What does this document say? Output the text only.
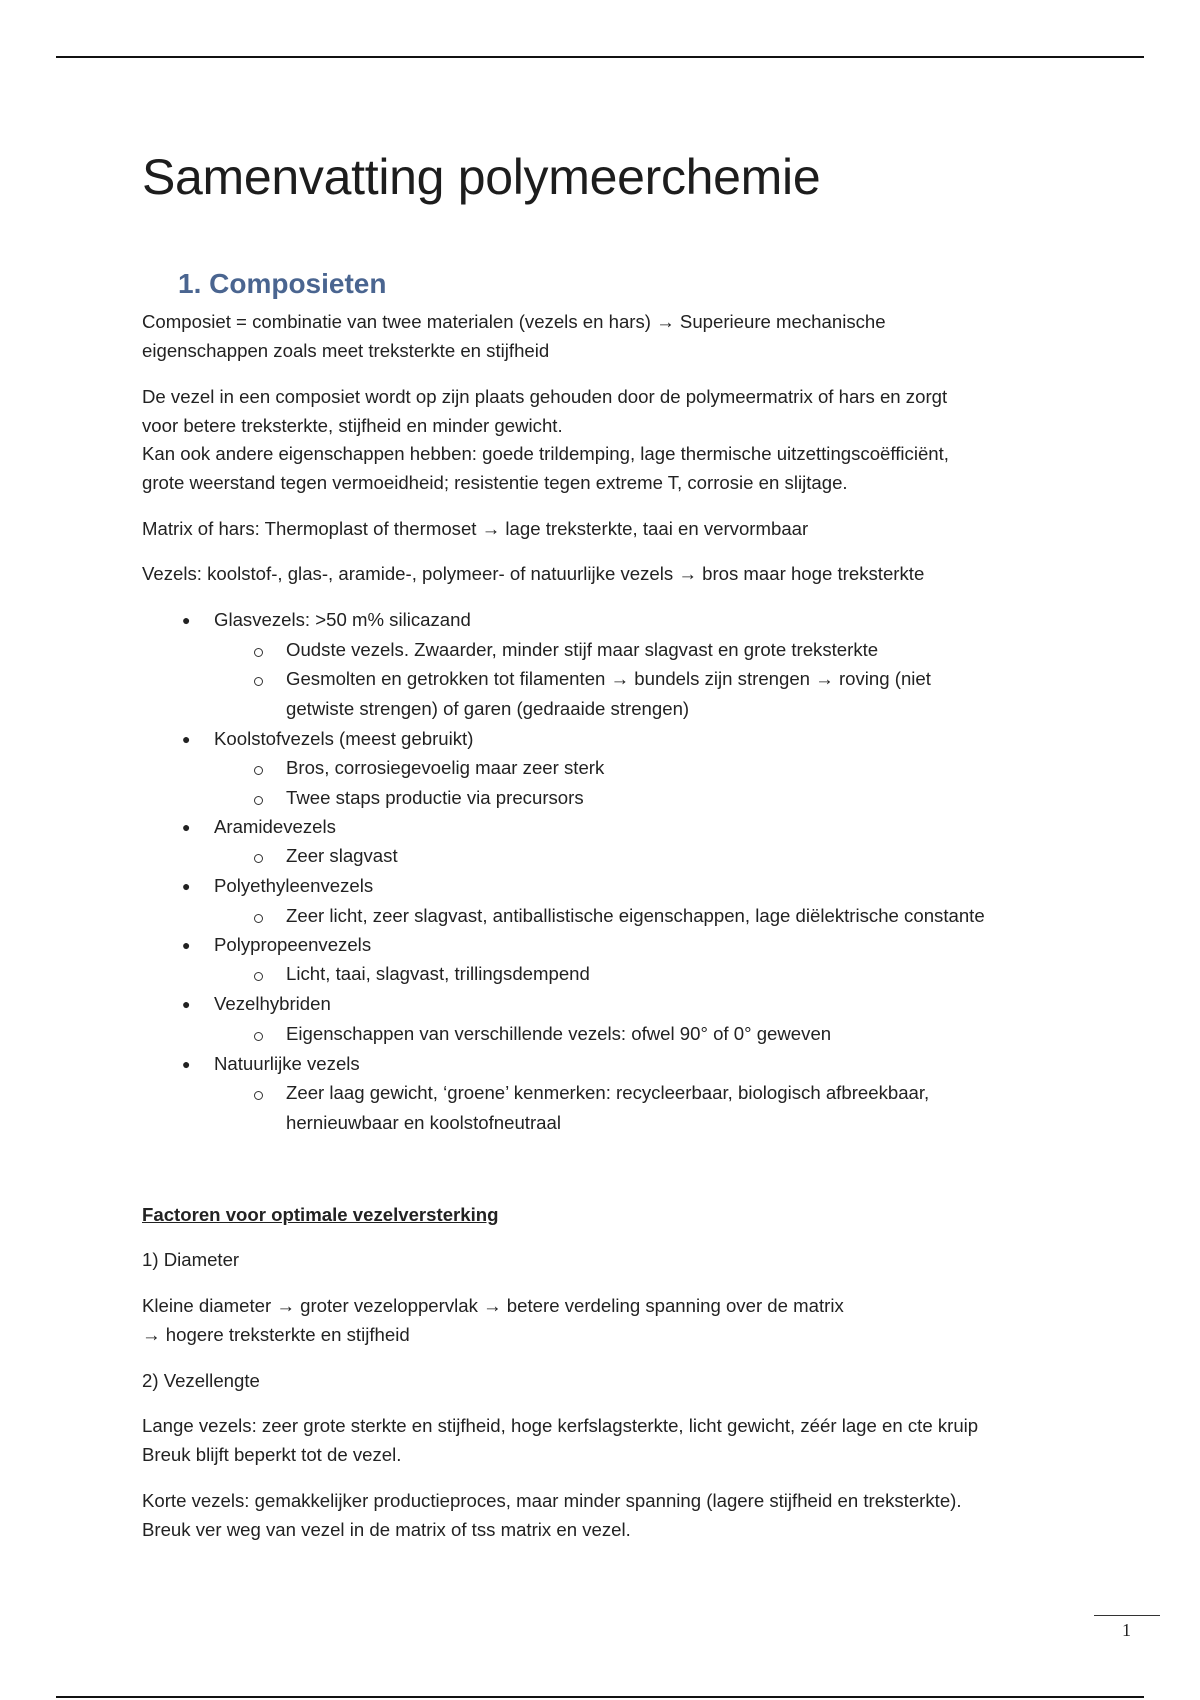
Samenvatting polymeerchemie
1. Composieten

Composiet = combinatie van twee materialen (vezels en hars) → Superieure mechanische

eigenschappen zoals meet treksterkte en stijfheid

De vezel in een composiet wordt op zijn plaats gehouden door de polymeermatrix of hars en zorgt

voor betere treksterkte, stijfheid en minder gewicht.

Kan ook andere eigenschappen hebben: goede trildemping, lage thermische uitzettingscoëfficiënt,

grote weerstand tegen vermoeidheid; resistentie tegen extreme T, corrosie en slijtage.

Matrix of hars: Thermoplast of thermoset → lage treksterkte, taai en vervormbaar

Vezels: koolstof-, glas-, aramide-, polymeer- of natuurlijke vezels → bros maar hoge treksterkte

● Glasvezels: >50 m% silicazand
Oudste vezels. Zwaarder, minder stijf maar slagvast en grote treksterkte
Gesmolten en getrokken tot filamenten → bundels zijn strengen → roving (niet
getwiste strengen) of garen (gedraaide strengen)
● Koolstofvezels (meest gebruikt)
Bros, corrosiegevoelig maar zeer sterk
Twee staps productie via precursors
● Aramidevezels
Zeer slagvast
● Polyethyleenvezels
Zeer licht, zeer slagvast, antiballistische eigenschappen, lage diëlektrische constante
● Polypropeenvezels
Licht, taai, slagvast, trillingsdempend
● Vezelhybriden
Eigenschappen van verschillende vezels: ofwel 90° of 0° geweven
● Natuurlijke vezels
Zeer laag gewicht, ‘groene’ kenmerken: recycleerbaar, biologisch afbreekbaar,
hernieuwbaar en koolstofneutraal
Factoren voor optimale vezelversterking
1) Diameter

Kleine diameter → groter vezeloppervlak → betere verdeling spanning over de matrix

→ hogere treksterkte en stijfheid

2) Vezellengte

Lange vezels: zeer grote sterkte en stijfheid, hoge kerfslagsterkte, licht gewicht, zéér lage en cte kruip

Breuk blijft beperkt tot de vezel.

Korte vezels: gemakkelijker productieproces, maar minder spanning (lagere stijfheid en treksterkte).

Breuk ver weg van vezel in de matrix of tss matrix en vezel.

1
